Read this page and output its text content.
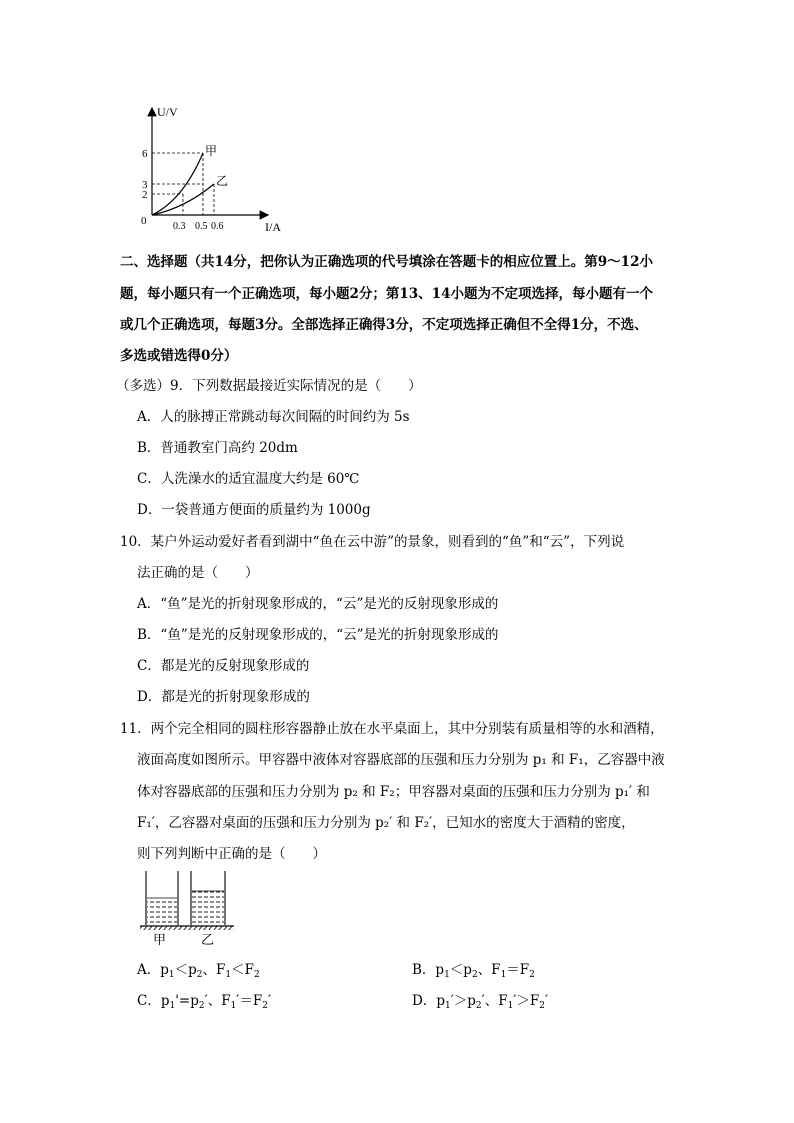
U/V
I/A
0
6
3
2
0.3 0.5 0.6
甲
乙
二、选择题（共14分，把你认为正确选项的代号填涂在答题卡的相应位置上。第9～12小
题，每小题只有一个正确选项，每小题2分；第13、14小题为不定项选择，每小题有一个
或几个正确选项，每题3分。全部选择正确得3分，不定项选择正确但不全得1分，不选、
多选或错选得0分）
（多选）9．下列数据最接近实际情况的是（　　）
A．人的脉搏正常跳动每次间隔的时间约为 5s
B．普通教室门高约 20dm
C．人洗澡水的适宜温度大约是 60℃
D．一袋普通方便面的质量约为 1000g
10．某户外运动爱好者看到湖中“鱼在云中游”的景象，则看到的“鱼”和“云”，下列说
法正确的是（　　）
A．“鱼”是光的折射现象形成的，“云”是光的反射现象形成的
B．“鱼”是光的反射现象形成的，“云”是光的折射现象形成的
C．都是光的反射现象形成的
D．都是光的折射现象形成的
11．两个完全相同的圆柱形容器静止放在水平桌面上，其中分别装有质量相等的水和酒精，
液面高度如图所示。甲容器中液体对容器底部的压强和压力分别为 p₁ 和 F₁，乙容器中液
体对容器底部的压强和压力分别为 p₂ 和 F₂；甲容器对桌面的压强和压力分别为 p₁′ 和
F₁′，乙容器对桌面的压强和压力分别为 p₂′ 和 F₂′，已知水的密度大于酒精的密度，
则下列判断中正确的是（　　）
甲	乙
A．$p_1<p_2$、$F_1<F_2$	B．$p_1<p_2$、$F_1=F_2$
C．$p_1'=p_2'$、$F_1'=F_2'$	D．$p_1'>p_2'$、$F_1'>F_2'$
